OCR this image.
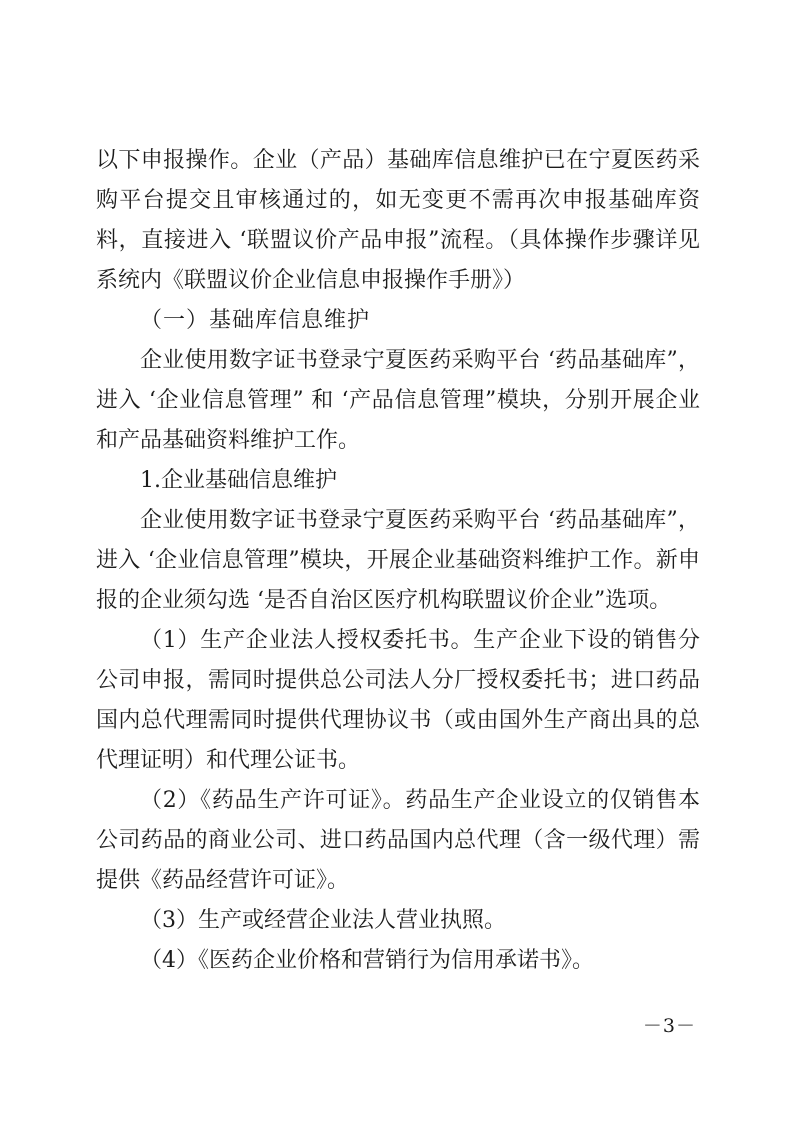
以下申报操作。企业（产品）基础库信息维护已在宁夏医药采购平台提交且审核通过的，如无变更不需再次申报基础库资料，直接进入 ‘联盟议价产品申报”流程。（具体操作步骤详见系统内《联盟议价企业信息申报操作手册》）

（一）基础库信息维护

企业使用数字证书登录宁夏医药采购平台 ‘药品基础库”，进入 ‘企业信息管理” 和 ‘产品信息管理”模块，分别开展企业和产品基础资料维护工作。

1.企业基础信息维护

企业使用数字证书登录宁夏医药采购平台 ‘药品基础库”，进入 ‘企业信息管理”模块，开展企业基础资料维护工作。新申报的企业须勾选 ‘是否自治区医疗机构联盟议价企业”选项。

（1）生产企业法人授权委托书。生产企业下设的销售分公司申报，需同时提供总公司法人分厂授权委托书；进口药品国内总代理需同时提供代理协议书（或由国外生产商出具的总代理证明）和代理公证书。

（2）《药品生产许可证》。药品生产企业设立的仅销售本公司药品的商业公司、进口药品国内总代理（含一级代理）需提供《药品经营许可证》。

（3）生产或经营企业法人营业执照。

（4）《医药企业价格和营销行为信用承诺书》。

－3－
